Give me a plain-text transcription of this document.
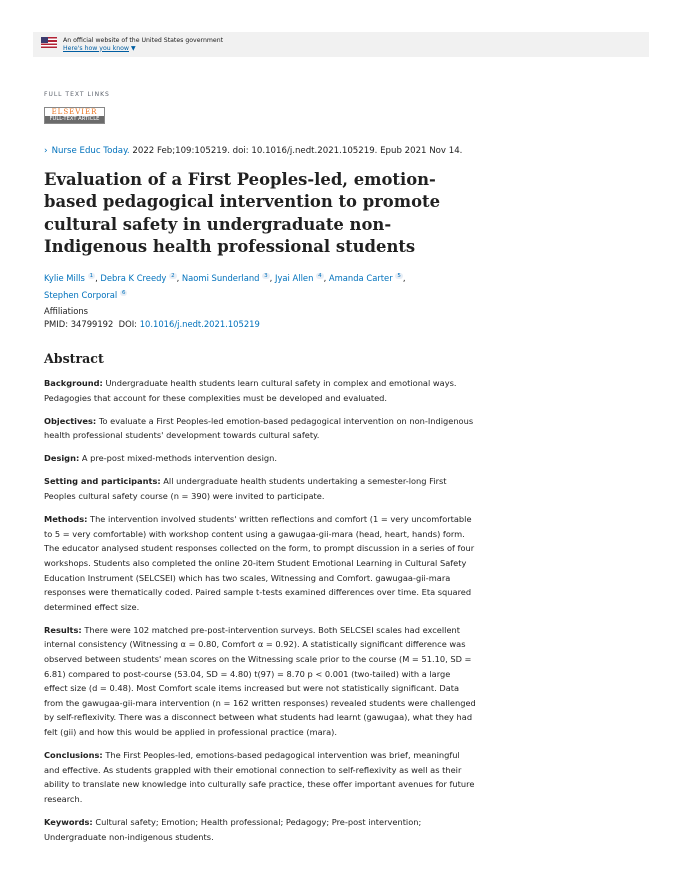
An official website of the United States government
Here's how you know ▼
FULL TEXT LINKS
ELSEVIER
FULL-TEXT ARTICLE
› Nurse Educ Today. 2022 Feb;109:105219. doi: 10.1016/j.nedt.2021.105219. Epub 2021 Nov 14.
Evaluation of a First Peoples-led, emotion-based pedagogical intervention to promote cultural safety in undergraduate non-Indigenous health professional students
Kylie Mills $^1$ , Debra K Creedy $^2$ , Naomi Sunderland $^3$ , Jyai Allen $^4$ , Amanda Carter $^5$ ,
Stephen Corporal $^6$
Affiliations
PMID: 34799192 DOI: 10.1016/j.nedt.2021.105219
Abstract

Background: Undergraduate health students learn cultural safety in complex and emotional ways. Pedagogies that account for these complexities must be developed and evaluated.

Objectives: To evaluate a First Peoples-led emotion-based pedagogical intervention on non-Indigenous health professional students' development towards cultural safety.

Design: A pre-post mixed-methods intervention design.

Setting and participants: All undergraduate health students undertaking a semester-long First Peoples cultural safety course (n = 390) were invited to participate.

Methods: The intervention involved students' written reflections and comfort (1 = very uncomfortable to 5 = very comfortable) with workshop content using a gawugaa-gii-mara (head, heart, hands) form. The educator analysed student responses collected on the form, to prompt discussion in a series of four workshops. Students also completed the online 20-item Student Emotional Learning in Cultural Safety Education Instrument (SELCSEI) which has two scales, Witnessing and Comfort. gawugaa-gii-mara responses were thematically coded. Paired sample t-tests examined differences over time. Eta squared determined effect size.

Results: There were 102 matched pre-post-intervention surveys. Both SELCSEI scales had excellent internal consistency (Witnessing α = 0.80, Comfort α = 0.92). A statistically significant difference was observed between students' mean scores on the Witnessing scale prior to the course (M = 51.10, SD = 6.81) compared to post-course (53.04, SD = 4.80) t(97) = 8.70 p < 0.001 (two-tailed) with a large effect size (d = 0.48). Most Comfort scale items increased but were not statistically significant. Data from the gawugaa-gii-mara intervention (n = 162 written responses) revealed students were challenged by self-reflexivity. There was a disconnect between what students had learnt (gawugaa), what they had felt (gii) and how this would be applied in professional practice (mara).

Conclusions: The First Peoples-led, emotions-based pedagogical intervention was brief, meaningful and effective. As students grappled with their emotional connection to self-reflexivity as well as their ability to translate new knowledge into culturally safe practice, these offer important avenues for future research.

Keywords: Cultural safety; Emotion; Health professional; Pedagogy; Pre-post intervention; Undergraduate non-indigenous students.
